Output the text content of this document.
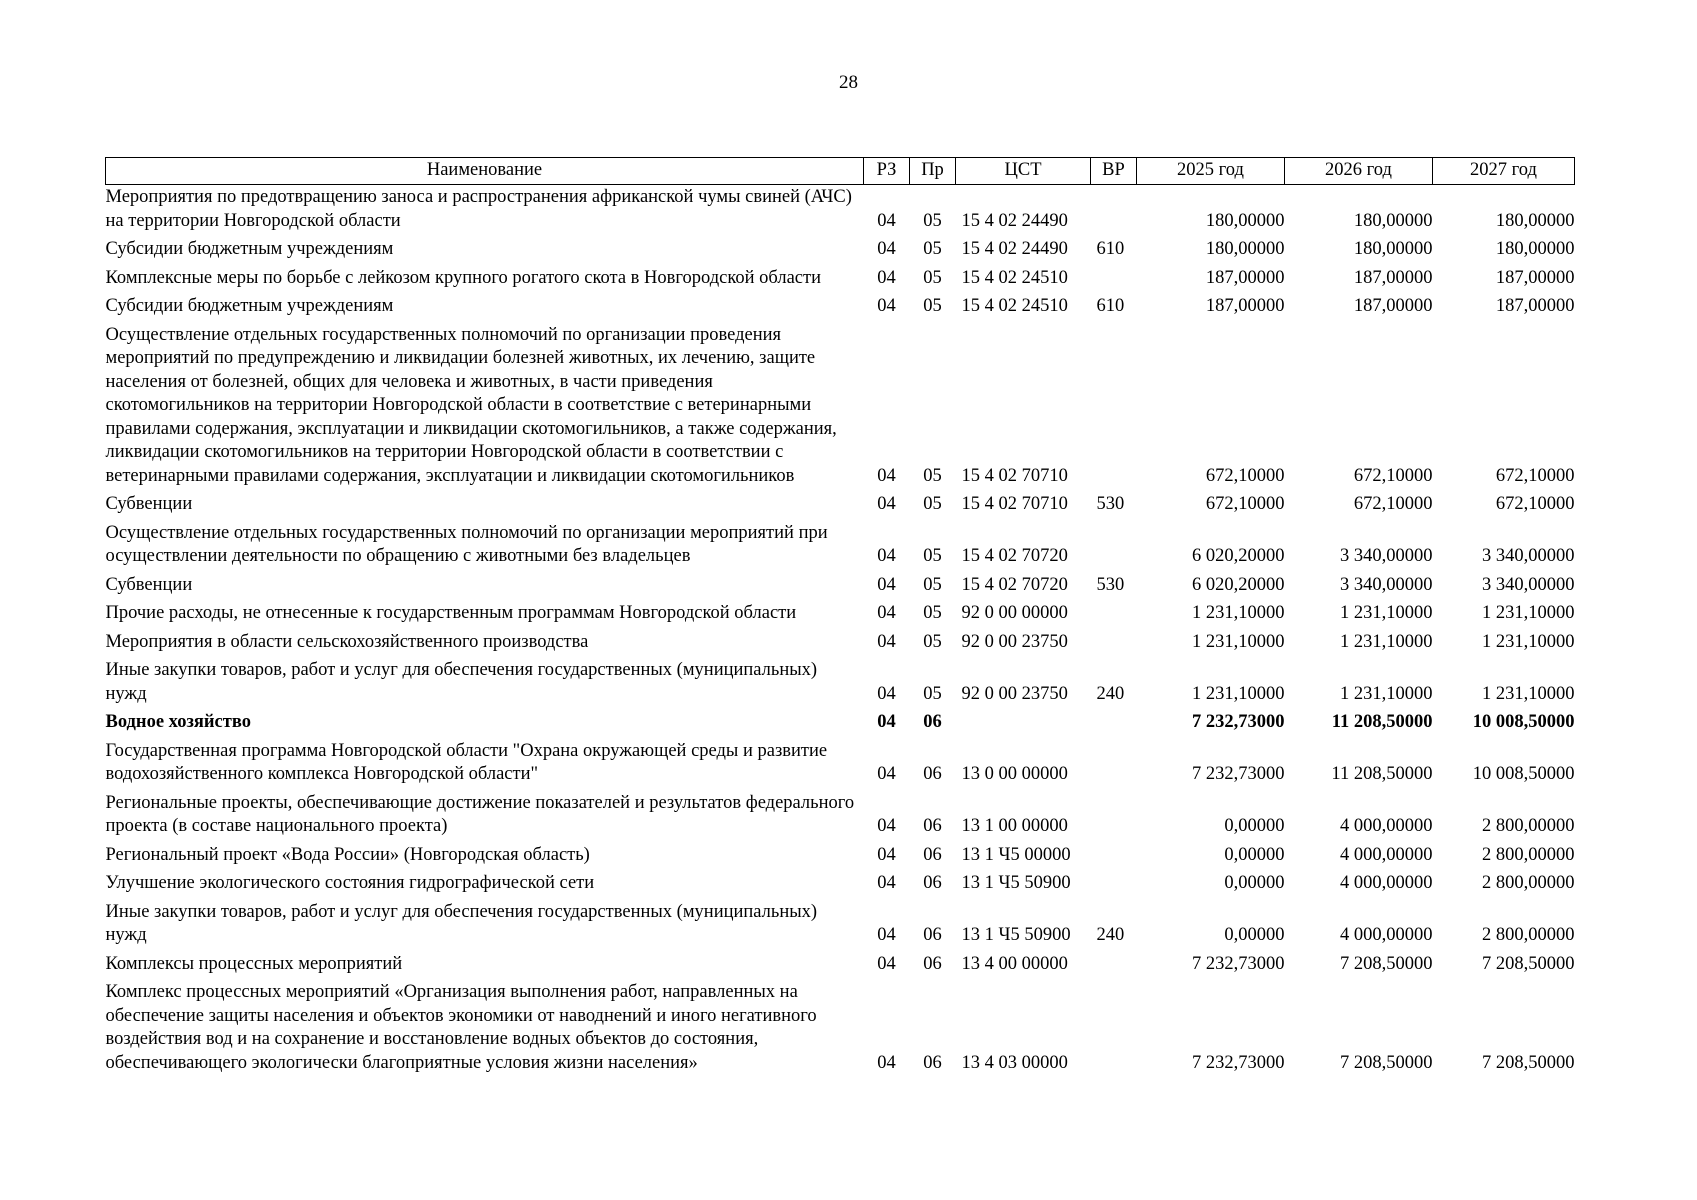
28
Наименование	РЗ	Пр	ЦСТ	ВР	2025 год	2026 год	2027 год
Мероприятия по предотвращению заноса и распространения африканской чумы свиней (АЧС) на территории Новгородской области	04	05	15 4 02 24490		180,00000	180,00000	180,00000
Субсидии бюджетным учреждениям	04	05	15 4 02 24490	610	180,00000	180,00000	180,00000
Комплексные меры по борьбе с лейкозом крупного рогатого скота в Новгородской области	04	05	15 4 02 24510		187,00000	187,00000	187,00000
Субсидии бюджетным учреждениям	04	05	15 4 02 24510	610	187,00000	187,00000	187,00000
Осуществление отдельных государственных полномочий по организации проведения мероприятий по предупреждению и ликвидации болезней животных, их лечению, защите населения от болезней, общих для человека и животных, в части приведения скотомогильников на территории Новгородской области в соответствие с ветеринарными правилами содержания, эксплуатации и ликвидации скотомогильников, а также содержания, ликвидации скотомогильников на территории Новгородской области в соответствии с ветеринарными правилами содержания, эксплуатации и ликвидации скотомогильников	04	05	15 4 02 70710		672,10000	672,10000	672,10000
Субвенции	04	05	15 4 02 70710	530	672,10000	672,10000	672,10000
Осуществление отдельных государственных полномочий по организации мероприятий при осуществлении деятельности по обращению с животными без владельцев	04	05	15 4 02 70720		6 020,20000	3 340,00000	3 340,00000
Субвенции	04	05	15 4 02 70720	530	6 020,20000	3 340,00000	3 340,00000
Прочие расходы, не отнесенные к государственным программам Новгородской области	04	05	92 0 00 00000		1 231,10000	1 231,10000	1 231,10000
Мероприятия в области сельскохозяйственного производства	04	05	92 0 00 23750		1 231,10000	1 231,10000	1 231,10000
Иные закупки товаров, работ и услуг для обеспечения государственных (муниципальных) нужд	04	05	92 0 00 23750	240	1 231,10000	1 231,10000	1 231,10000
Водное хозяйство	04	06			7 232,73000	11 208,50000	10 008,50000
Государственная программа Новгородской области "Охрана окружающей среды и развитие водохозяйственного комплекса Новгородской области"	04	06	13 0 00 00000		7 232,73000	11 208,50000	10 008,50000
Региональные проекты, обеспечивающие достижение показателей и результатов федерального проекта (в составе национального проекта)	04	06	13 1 00 00000		0,00000	4 000,00000	2 800,00000
Региональный проект «Вода России» (Новгородская область)	04	06	13 1 Ч5 00000		0,00000	4 000,00000	2 800,00000
Улучшение экологического состояния гидрографической сети	04	06	13 1 Ч5 50900		0,00000	4 000,00000	2 800,00000
Иные закупки товаров, работ и услуг для обеспечения государственных (муниципальных) нужд	04	06	13 1 Ч5 50900	240	0,00000	4 000,00000	2 800,00000
Комплексы процессных мероприятий	04	06	13 4 00 00000		7 232,73000	7 208,50000	7 208,50000
Комплекс процессных мероприятий «Организация выполнения работ, направленных на обеспечение защиты населения и объектов экономики от наводнений и иного негативного воздействия вод и на сохранение и восстановление водных объектов до состояния, обеспечивающего экологически благоприятные условия жизни населения»	04	06	13 4 03 00000		7 232,73000	7 208,50000	7 208,50000
